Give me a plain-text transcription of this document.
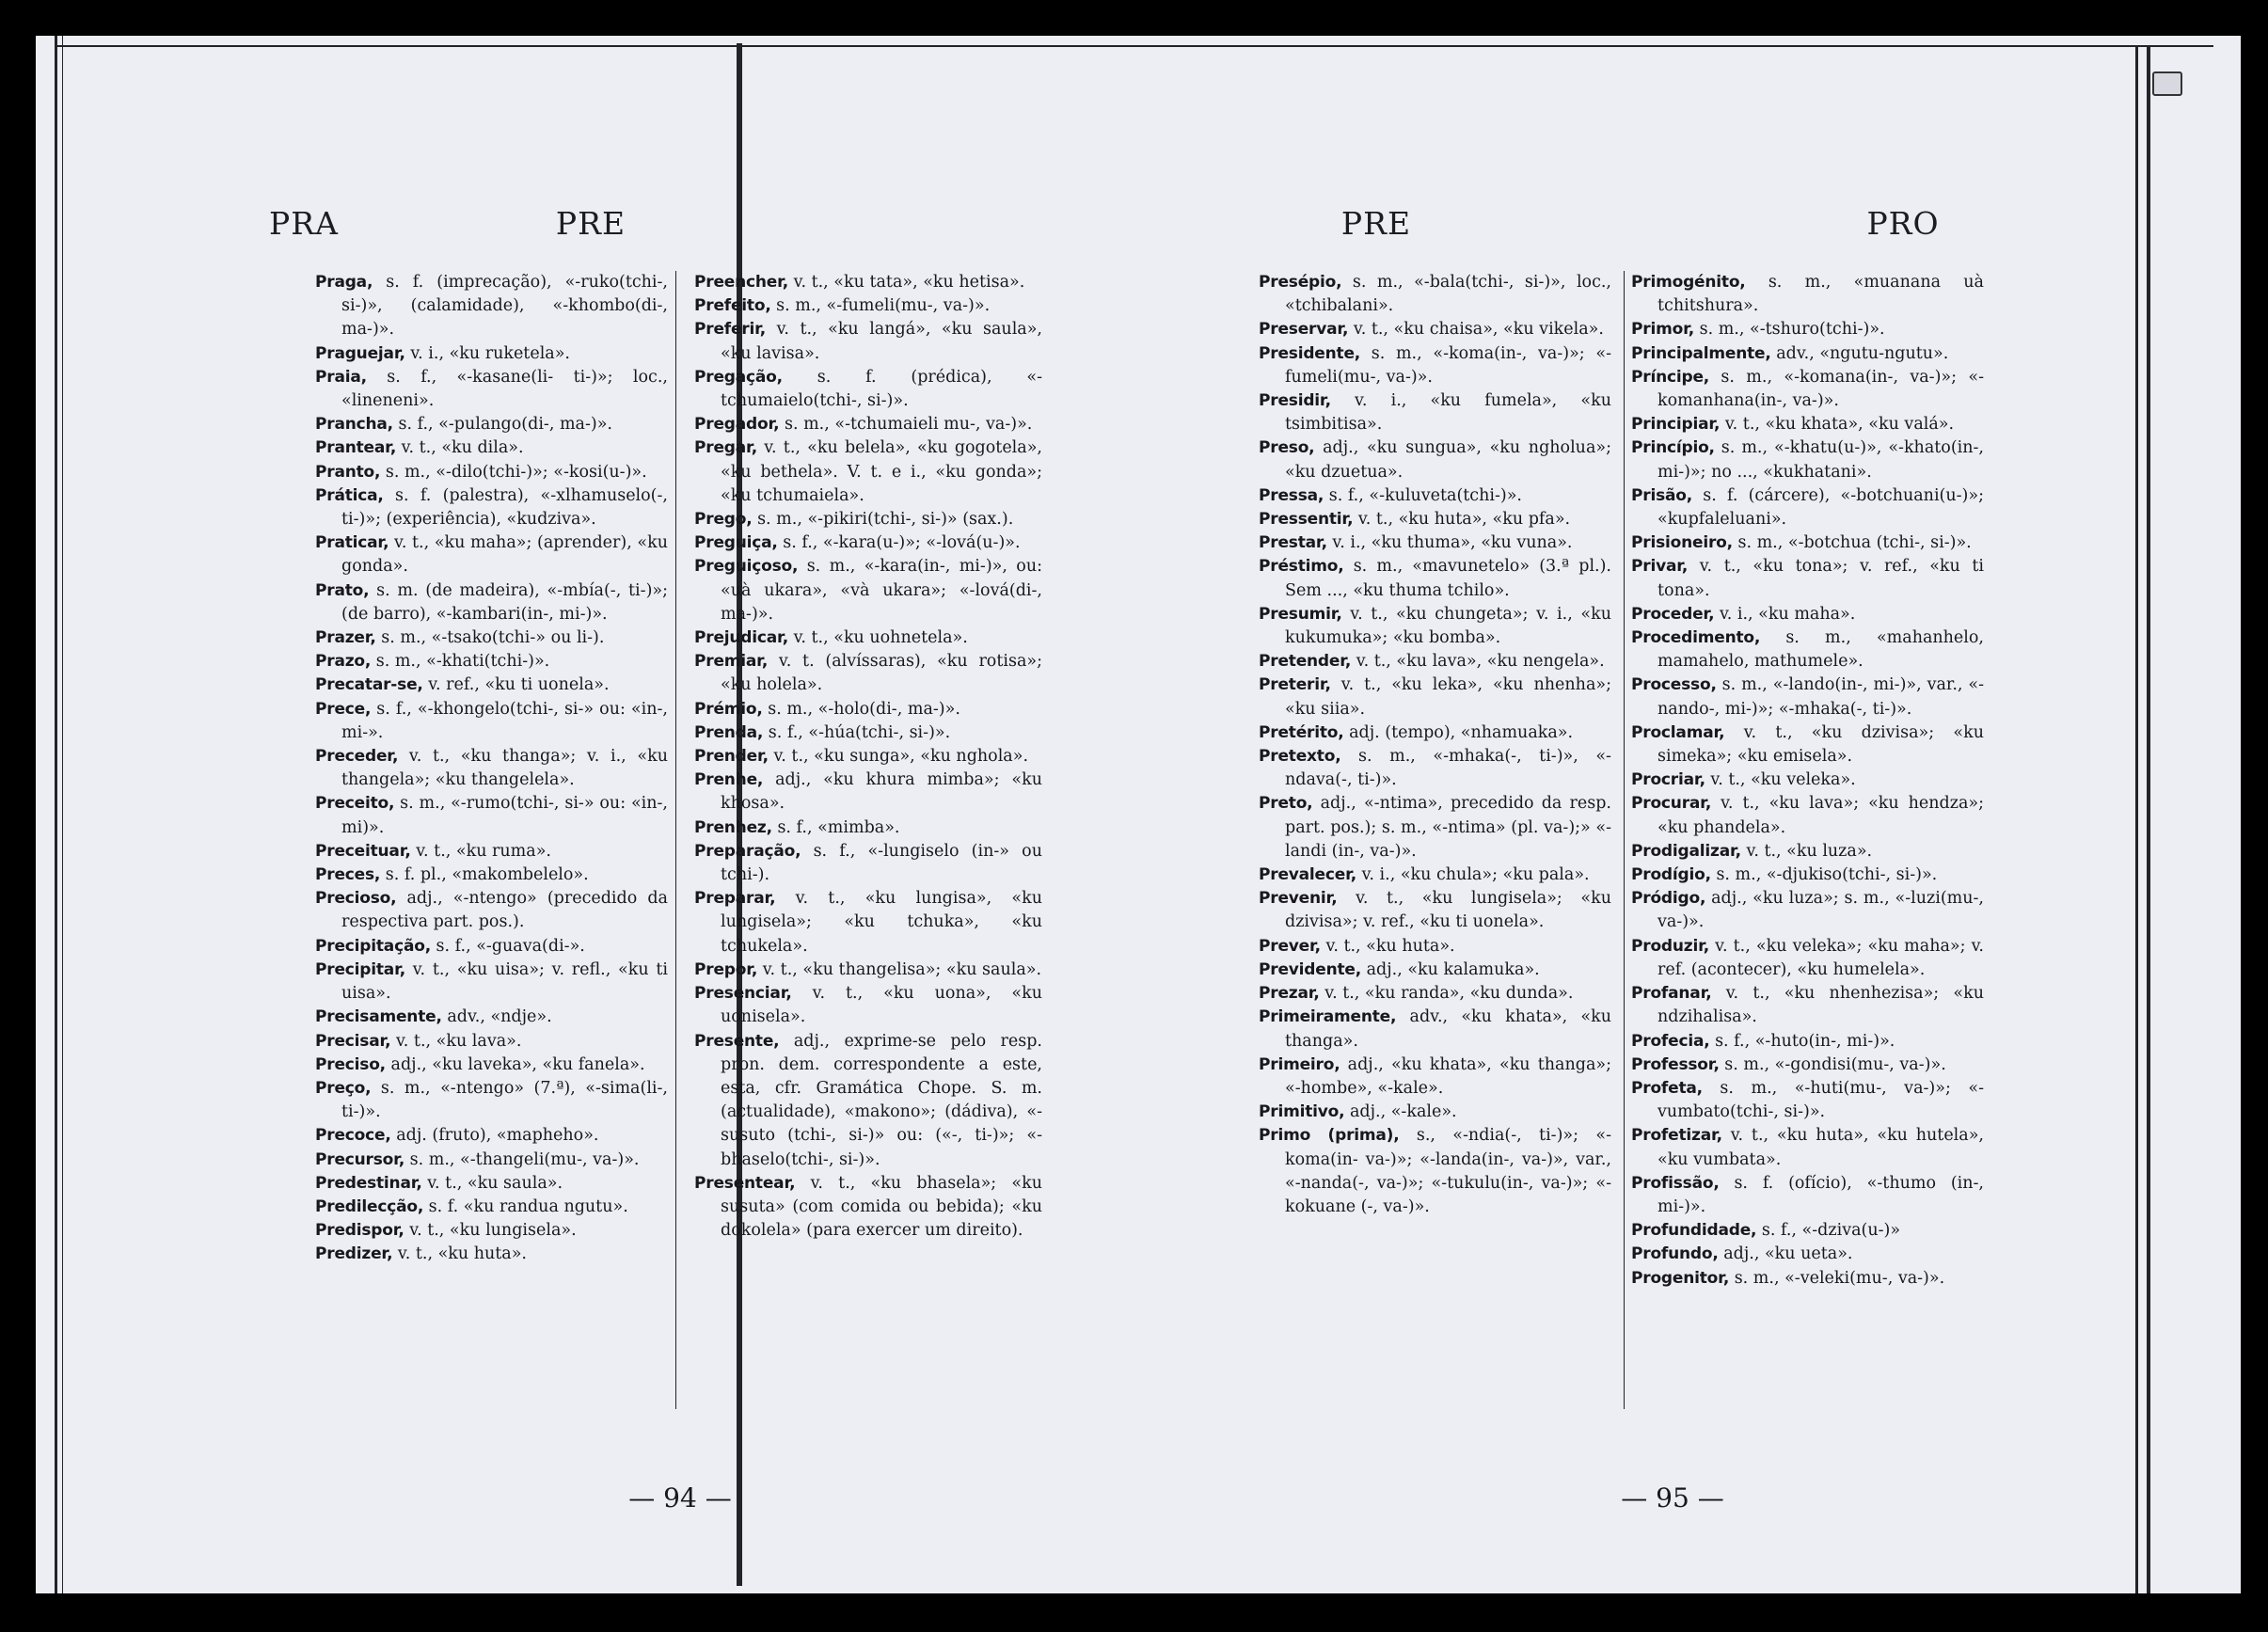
PRA	PRE

Praga, s. f. (imprecação), «-ruko(tchi-, si-)», (calamidade), «-khombo(di-, ma-)».

Praguejar, v. i., «ku ruketela».

Praia, s. f., «-kasane(li- ti-)»; loc., «lineneni».

Prancha, s. f., «-pulango(di-, ma-)».

Prantear, v. t., «ku dila».

Pranto, s. m., «-dilo(tchi-)»; «-kosi(u-)».

Prática, s. f. (palestra), «-xlhamuselo(-, ti-)»; (experiência), «kudziva».

Praticar, v. t., «ku maha»; (aprender), «ku gonda».

Prato, s. m. (de madeira), «-mbía(-, ti-)»; (de barro), «-kambari(in-, mi-)».

Prazer, s. m., «-tsako(tchi-» ou li-).

Prazo, s. m., «-khati(tchi-)».

Precatar-se, v. ref., «ku ti uonela».

Prece, s. f., «-khongelo(tchi-, si-» ou: «in-, mi-».

Preceder, v. t., «ku thanga»; v. i., «ku thangela»; «ku thangelela».

Preceito, s. m., «-rumo(tchi-, si-» ou: «in-, mi)».

Preceituar, v. t., «ku ruma».

Preces, s. f. pl., «makombelelo».

Precioso, adj., «-ntengo» (precedido da respectiva part. pos.).

Precipitação, s. f., «-guava(di-».

Precipitar, v. t., «ku uisa»; v. refl., «ku ti uisa».

Precisamente, adv., «ndje».

Precisar, v. t., «ku lava».

Preciso, adj., «ku laveka», «ku fanela».

Preço, s. m., «-ntengo» (7.ª), «-sima(li-, ti-)».

Precoce, adj. (fruto), «mapheho».

Precursor, s. m., «-thangeli(mu-, va-)».

Predestinar, v. t., «ku saula».

Predilecção, s. f. «ku randua ngutu».

Predispor, v. t., «ku lungisela».

Predizer, v. t., «ku huta».

— 94 —

Preencher, v. t., «ku tata», «ku hetisa».

Prefeito, s. m., «-fumeli(mu-, va-)».

Preferir, v. t., «ku langá», «ku saula», «ku lavisa».

Pregação, s. f. (prédica), «-tchumaielo(tchi-, si-)».

Pregador, s. m., «-tchumaieli mu-, va-)».

Pregar, v. t., «ku belela», «ku gogotela», «ku bethela». V. t. e i., «ku gonda»; «ku tchumaiela».

Prego, s. m., «-pikiri(tchi-, si-)» (sax.).

Preguiça, s. f., «-kara(u-)»; «-lová(u-)».

Preguiçoso, s. m., «-kara(in-, mi-)», ou: «uà ukara», «và ukara»; «-lová(di-, ma-)».

Prejudicar, v. t., «ku uohnetela».

Premiar, v. t. (alvíssaras), «ku rotisa»; «ku holela».

Prémio, s. m., «-holo(di-, ma-)».

Prenda, s. f., «-húa(tchi-, si-)».

Prender, v. t., «ku sunga», «ku nghola».

Prenhe, adj., «ku khura mimba»; «ku khosa».

Prenhez, s. f., «mimba».

Preparação, s. f., «-lungiselo (in-» ou tchi-).

Preparar, v. t., «ku lungisa», «ku lungisela»; «ku tchuka», «ku tchukela».

Prepor, v. t., «ku thangelisa»; «ku saula».

Presenciar, v. t., «ku uona», «ku uonisela».

Presente, adj., exprime-se pelo resp. pron. dem. correspondente a este, esta, cfr. Gramática Chope. S. m. (actualidade), «makono»; (dádiva), «-susuto (tchi-, si-)» ou: («-, ti-)»; «-bhaselo(tchi-, si-)».

Presentear, v. t., «ku bhasela»; «ku susuta» (com comida ou bebida); «ku dokolela» (para exercer um direito).

PRE	PRO
— 95 —

Presépio, s. m., «-bala(tchi-, si-)», loc., «tchibalani».

Preservar, v. t., «ku chaisa», «ku vikela».

Presidente, s. m., «-koma(in-, va-)»; «-fumeli(mu-, va-)».

Presidir, v. i., «ku fumela», «ku tsimbitisa».

Preso, adj., «ku sungua», «ku ngholua»; «ku dzuetua».

Pressa, s. f., «-kuluveta(tchi-)».

Pressentir, v. t., «ku huta», «ku pfa».

Prestar, v. i., «ku thuma», «ku vuna».

Préstimo, s. m., «mavunetelo» (3.ª pl.). Sem ..., «ku thuma tchilo».

Presumir, v. t., «ku chungeta»; v. i., «ku kukumuka»; «ku bomba».

Pretender, v. t., «ku lava», «ku nengela».

Preterir, v. t., «ku leka», «ku nhenha»; «ku siia».

Pretérito, adj. (tempo), «nhamuaka».

Pretexto, s. m., «-mhaka(-, ti-)», «-ndava(-, ti-)».

Preto, adj., «-ntima», precedido da resp. part. pos.); s. m., «-ntima» (pl. va-);» «-landi (in-, va-)».

Prevalecer, v. i., «ku chula»; «ku pala».

Prevenir, v. t., «ku lungisela»; «ku dzivisa»; v. ref., «ku ti uonela».

Prever, v. t., «ku huta».

Previdente, adj., «ku kalamuka».

Prezar, v. t., «ku randa», «ku dunda».

Primeiramente, adv., «ku khata», «ku thanga».

Primeiro, adj., «ku khata», «ku thanga»; «-hombe», «-kale».

Primitivo, adj., «-kale».

Primo (prima), s., «-ndia(-, ti-)»; «-koma(in- va-)»; «-landa(in-, va-)», var., «-nanda(-, va-)»; «-tukulu(in-, va-)»; «-kokuane (-, va-)».

Primogénito, s. m., «muanana uà tchitshura».

Primor, s. m., «-tshuro(tchi-)».

Principalmente, adv., «ngutu-ngutu».

Príncipe, s. m., «-komana(in-, va-)»; «-komanhana(in-, va-)».

Principiar, v. t., «ku khata», «ku valá».

Princípio, s. m., «-khatu(u-)», «-khato(in-, mi-)»; no ..., «kukhatani».

Prisão, s. f. (cárcere), «-botchuani(u-)»; «kupfaleluani».

Prisioneiro, s. m., «-botchua (tchi-, si-)».

Privar, v. t., «ku tona»; v. ref., «ku ti tona».

Proceder, v. i., «ku maha».

Procedimento, s. m., «mahanhelo, mamahelo, mathumele».

Processo, s. m., «-lando(in-, mi-)», var., «-nando-, mi-)»; «-mhaka(-, ti-)».

Proclamar, v. t., «ku dzivisa»; «ku simeka»; «ku emisela».

Procriar, v. t., «ku veleka».

Procurar, v. t., «ku lava»; «ku hendza»; «ku phandela».

Prodigalizar, v. t., «ku luza».

Prodígio, s. m., «-djukiso(tchi-, si-)».

Pródigo, adj., «ku luza»; s. m., «-luzi(mu-, va-)».

Produzir, v. t., «ku veleka»; «ku maha»; v. ref. (acontecer), «ku humelela».

Profanar, v. t., «ku nhenhezisa»; «ku ndzihalisa».

Profecia, s. f., «-huto(in-, mi-)».

Professor, s. m., «-gondisi(mu-, va-)».

Profeta, s. m., «-huti(mu-, va-)»; «-vumbato(tchi-, si-)».

Profetizar, v. t., «ku huta», «ku hutela», «ku vumbata».

Profissão, s. f. (ofício), «-thumo (in-, mi-)».

Profundidade, s. f., «-dziva(u-)»

Profundo, adj., «ku ueta».

Progenitor, s. m., «-veleki(mu-, va-)».
